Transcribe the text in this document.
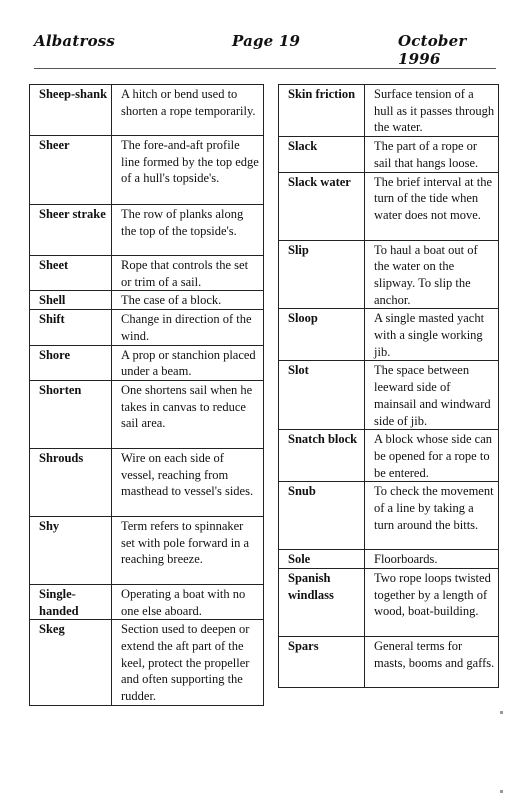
Albatross	Page 19	October 1996
Sheep-shank	A hitch or bend used to shorten a rope temporarily.
Sheer	The fore-and-aft profile line formed by the top edge of a hull's topside's.
Sheer strake	The row of planks along the top of the topside's.
Sheet	Rope that controls the set or trim of a sail.
Shell	The case of a block.
Shift	Change in direction of the wind.
Shore	A prop or stanchion placed under a beam.
Shorten	One shortens sail when he takes in canvas to reduce sail area.
Shrouds	Wire on each side of vessel, reaching from masthead to vessel's sides.
Shy	Term refers to spinnaker set with pole forward in a reaching breeze.
Single-handed	Operating a boat with no one else aboard.
Skeg	Section used to deepen or extend the aft part of the keel, protect the propeller and often supporting the rudder.
Skin friction	Surface tension of a hull as it passes through the water.
Slack	The part of a rope or sail that hangs loose.
Slack water	The brief interval at the turn of the tide when water does not move.
Slip	To haul a boat out of the water on the slipway. To slip the anchor.
Sloop	A single masted yacht with a single working jib.
Slot	The space between leeward side of mainsail and windward side of jib.
Snatch block	A block whose side can be opened for a rope to be entered.
Snub	To check the movement of a line by taking a turn around the bitts.
Sole	Floorboards.
Spanish windlass	Two rope loops twisted together by a length of wood, boat-building.
Spars	General terms for masts, booms and gaffs.
